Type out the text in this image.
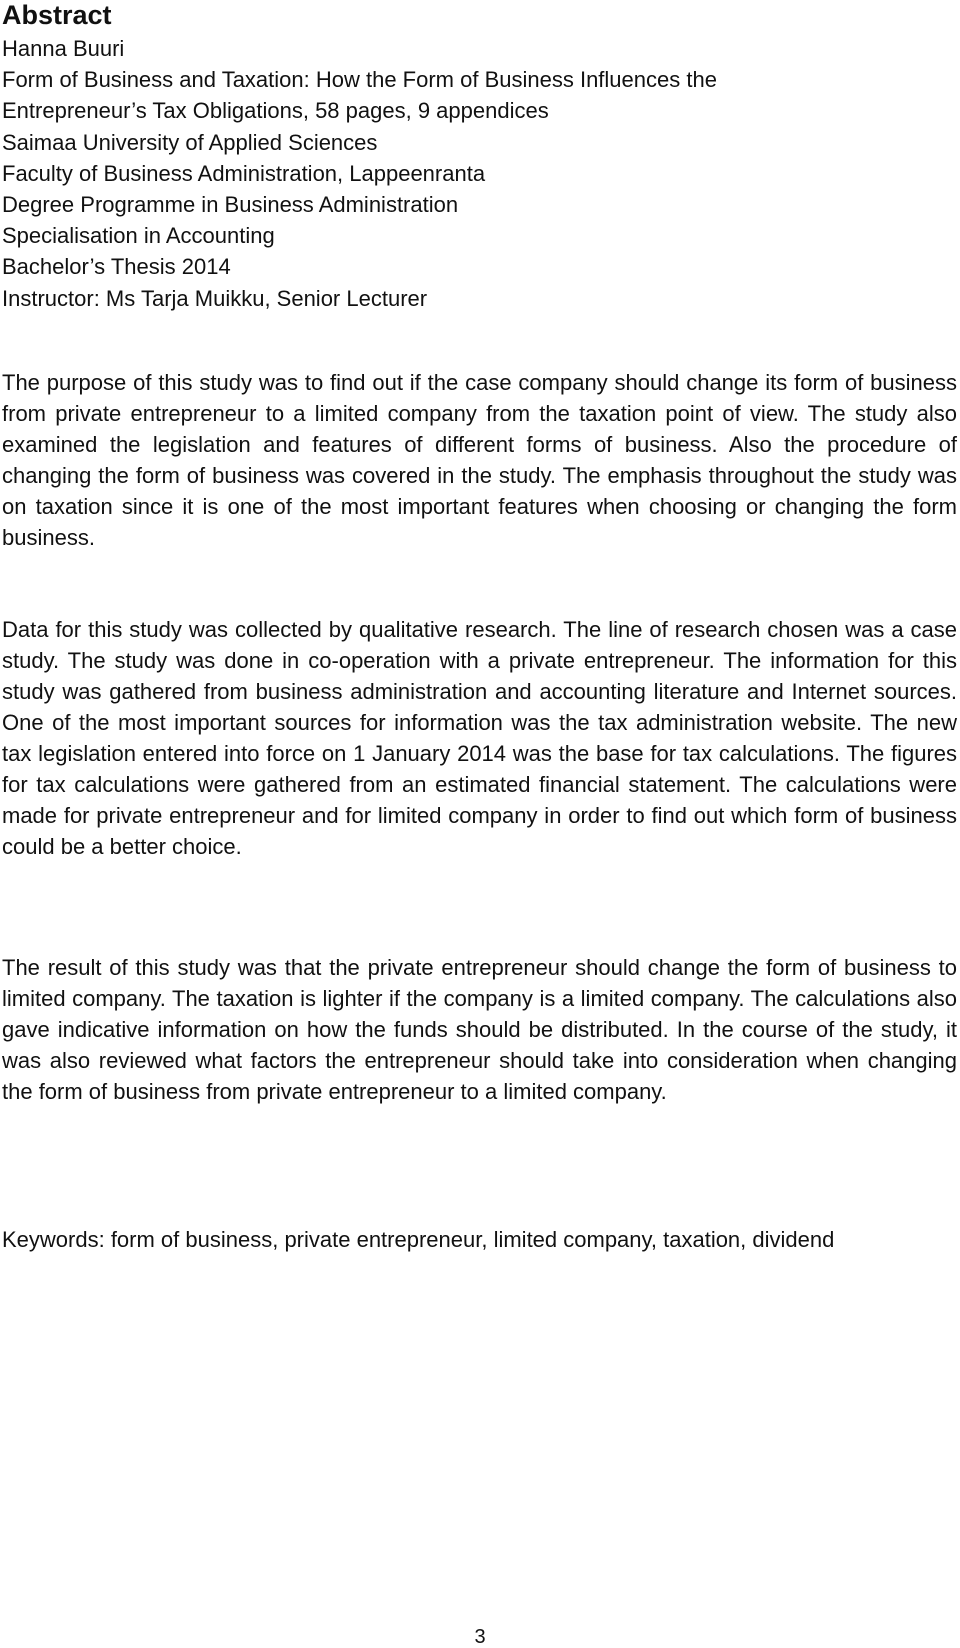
Abstract
Hanna Buuri
Form of Business and Taxation: How the Form of Business Influences the
Entrepreneur’s Tax Obligations, 58 pages, 9 appendices
Saimaa University of Applied Sciences
Faculty of Business Administration, Lappeenranta
Degree Programme in Business Administration
Specialisation in Accounting
Bachelor’s Thesis 2014
Instructor: Ms Tarja Muikku, Senior Lecturer

The purpose of this study was to find out if the case company should change its form of business from private entrepreneur to a limited company from the taxation point of view. The study also examined the legislation and features of different forms of business. Also the procedure of changing the form of business was covered in the study. The emphasis throughout the study was on taxation since it is one of the most important features when choosing or changing the form business.

Data for this study was collected by qualitative research. The line of research chosen was a case study. The study was done in co-operation with a private entrepreneur. The information for this study was gathered from business administration and accounting literature and Internet sources. One of the most important sources for information was the tax administration website. The new tax legislation entered into force on 1 January 2014 was the base for tax calculations. The figures for tax calculations were gathered from an estimated financial statement. The calculations were made for private entrepreneur and for limited company in order to find out which form of business could be a better choice.

The result of this study was that the private entrepreneur should change the form of business to limited company. The taxation is lighter if the company is a limited company. The calculations also gave indicative information on how the funds should be distributed. In the course of the study, it was also reviewed what factors the entrepreneur should take into consideration when changing the form of business from private entrepreneur to a limited company.

Keywords: form of business, private entrepreneur, limited company, taxation, dividend

3
